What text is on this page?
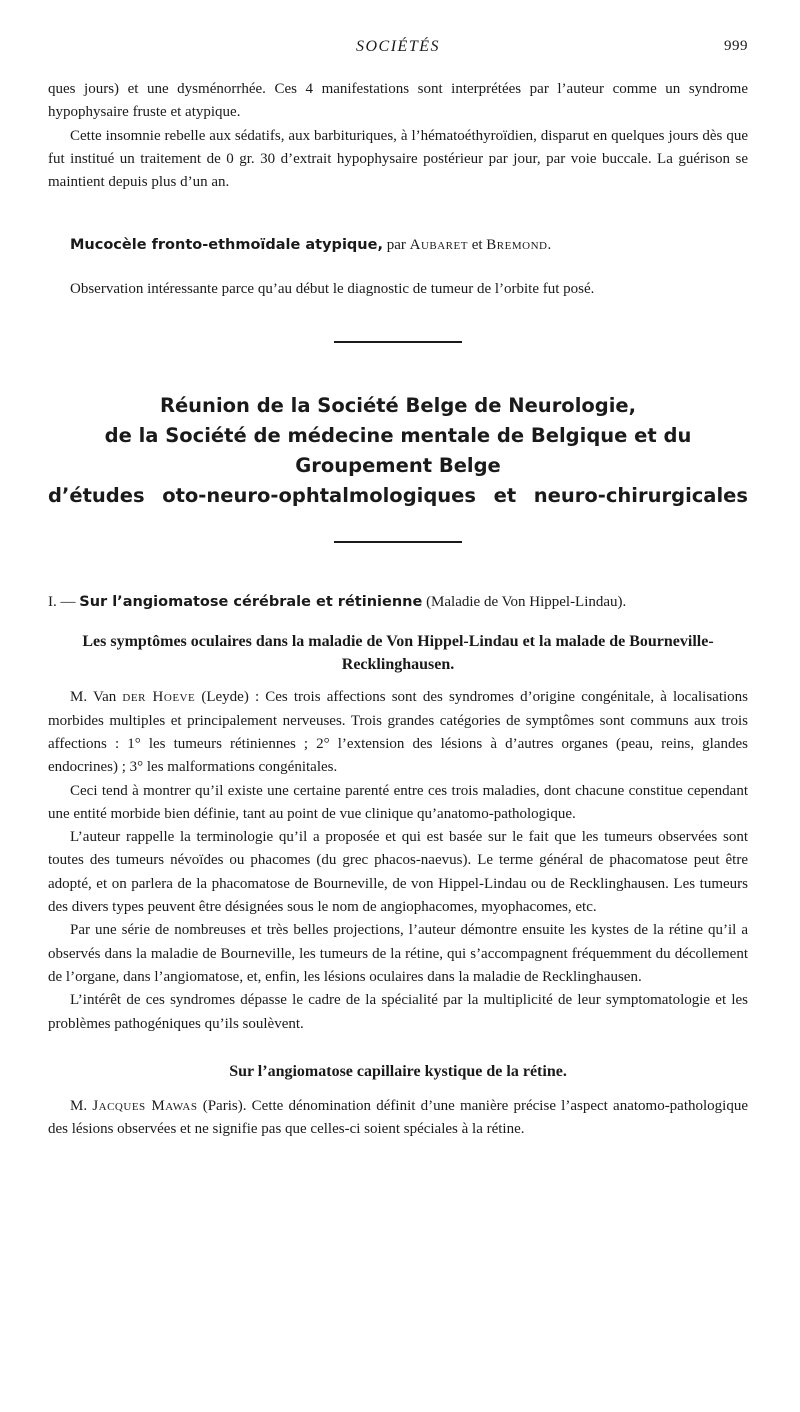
SOCIÉTÉS	999

ques jours) et une dysménorrhée. Ces 4 manifestations sont interprétées par l’auteur comme un syndrome hypophysaire fruste et atypique.

Cette insomnie rebelle aux sédatifs, aux barbituriques, à l’hématoéthyroïdien, disparut en quelques jours dès que fut institué un traitement de 0 gr. 30 d’extrait hypophysaire postérieur par jour, par voie buccale. La guérison se maintient depuis plus d’un an.

Mucocèle fronto-ethmoïdale atypique, par Aubaret et Bremond.

Observation intéressante parce qu’au début le diagnostic de tumeur de l’orbite fut posé.

Réunion de la Société Belge de Neurologie,
de la Société de médecine mentale de Belgique et du
Groupement Belge
d’études oto-neuro-ophtalmologiques et neuro-chirurgicales

I. — Sur l’angiomatose cérébrale et rétinienne (Maladie de Von Hippel-Lindau).

Les symptômes oculaires dans la maladie de Von Hippel-Lindau et la malade de Bourneville-Recklinghausen.

M. Van der Hoeve (Leyde) : Ces trois affections sont des syndromes d’origine congénitale, à localisations morbides multiples et principalement nerveuses. Trois grandes catégories de symptômes sont communs aux trois affections : 1° les tumeurs rétiniennes ; 2° l’extension des lésions à d’autres organes (peau, reins, glandes endocrines) ; 3° les malformations congénitales.

Ceci tend à montrer qu’il existe une certaine parenté entre ces trois maladies, dont chacune constitue cependant une entité morbide bien définie, tant au point de vue clinique qu’anatomo-pathologique.

L’auteur rappelle la terminologie qu’il a proposée et qui est basée sur le fait que les tumeurs observées sont toutes des tumeurs névoïdes ou phacomes (du grec phacos-naevus). Le terme général de phacomatose peut être adopté, et on parlera de la phacomatose de Bourneville, de von Hippel-Lindau ou de Recklinghausen. Les tumeurs des divers types peuvent être désignées sous le nom de angiophacomes, myophacomes, etc.

Par une série de nombreuses et très belles projections, l’auteur démontre ensuite les kystes de la rétine qu’il a observés dans la maladie de Bourneville, les tumeurs de la rétine, qui s’accompagnent fréquemment du décollement de l’organe, dans l’angiomatose, et, enfin, les lésions oculaires dans la maladie de Recklinghausen.

L’intérêt de ces syndromes dépasse le cadre de la spécialité par la multiplicité de leur symptomatologie et les problèmes pathogéniques qu’ils soulèvent.

Sur l’angiomatose capillaire kystique de la rétine.

M. Jacques Mawas (Paris). Cette dénomination définit d’une manière précise l’aspect anatomo-pathologique des lésions observées et ne signifie pas que celles-ci soient spéciales à la rétine.
